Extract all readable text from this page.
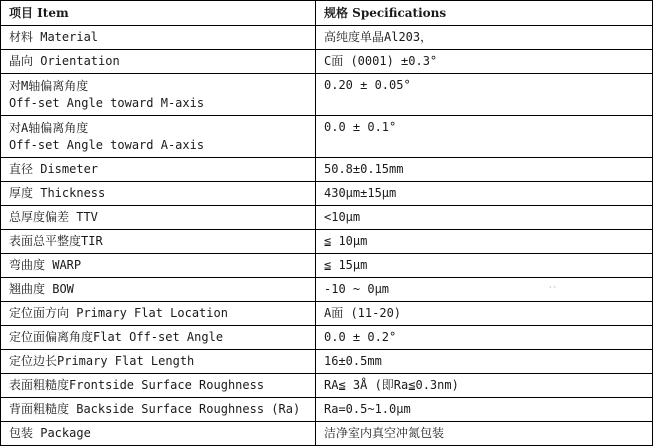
项目 Item	规格 Specifications

材料 Material	高纯度单晶Al203，

晶向 Orientation	C面 (0001) ±0.3°

对M轴偏离角度
Off-set Angle toward M-axis	0.20 ± 0.05°

对A轴偏离角度
Off-set Angle toward A-axis	0.0 ± 0.1°

直径 Dismeter	50.8±0.15mm

厚度 Thickness	430μm±15μm

总厚度偏差 TTV	<10μm

表面总平整度TIR	≦ 10μm

弯曲度 WARP	≦ 15μm

翘曲度 BOW	-10 ~ 0μm

定位面方向 Primary Flat Location	A面 (11-20)

定位面偏离角度Flat Off-set Angle	0.0 ± 0.2°

定位边长Primary Flat Length	16±0.5mm

表面粗糙度Frontside Surface Roughness	RA≦ 3Å (即Ra≦0.3nm)

背面粗糙度 Backside Surface Roughness (Ra)	Ra=0.5~1.0μm

包装 Package	洁净室内真空冲氮包装
··
